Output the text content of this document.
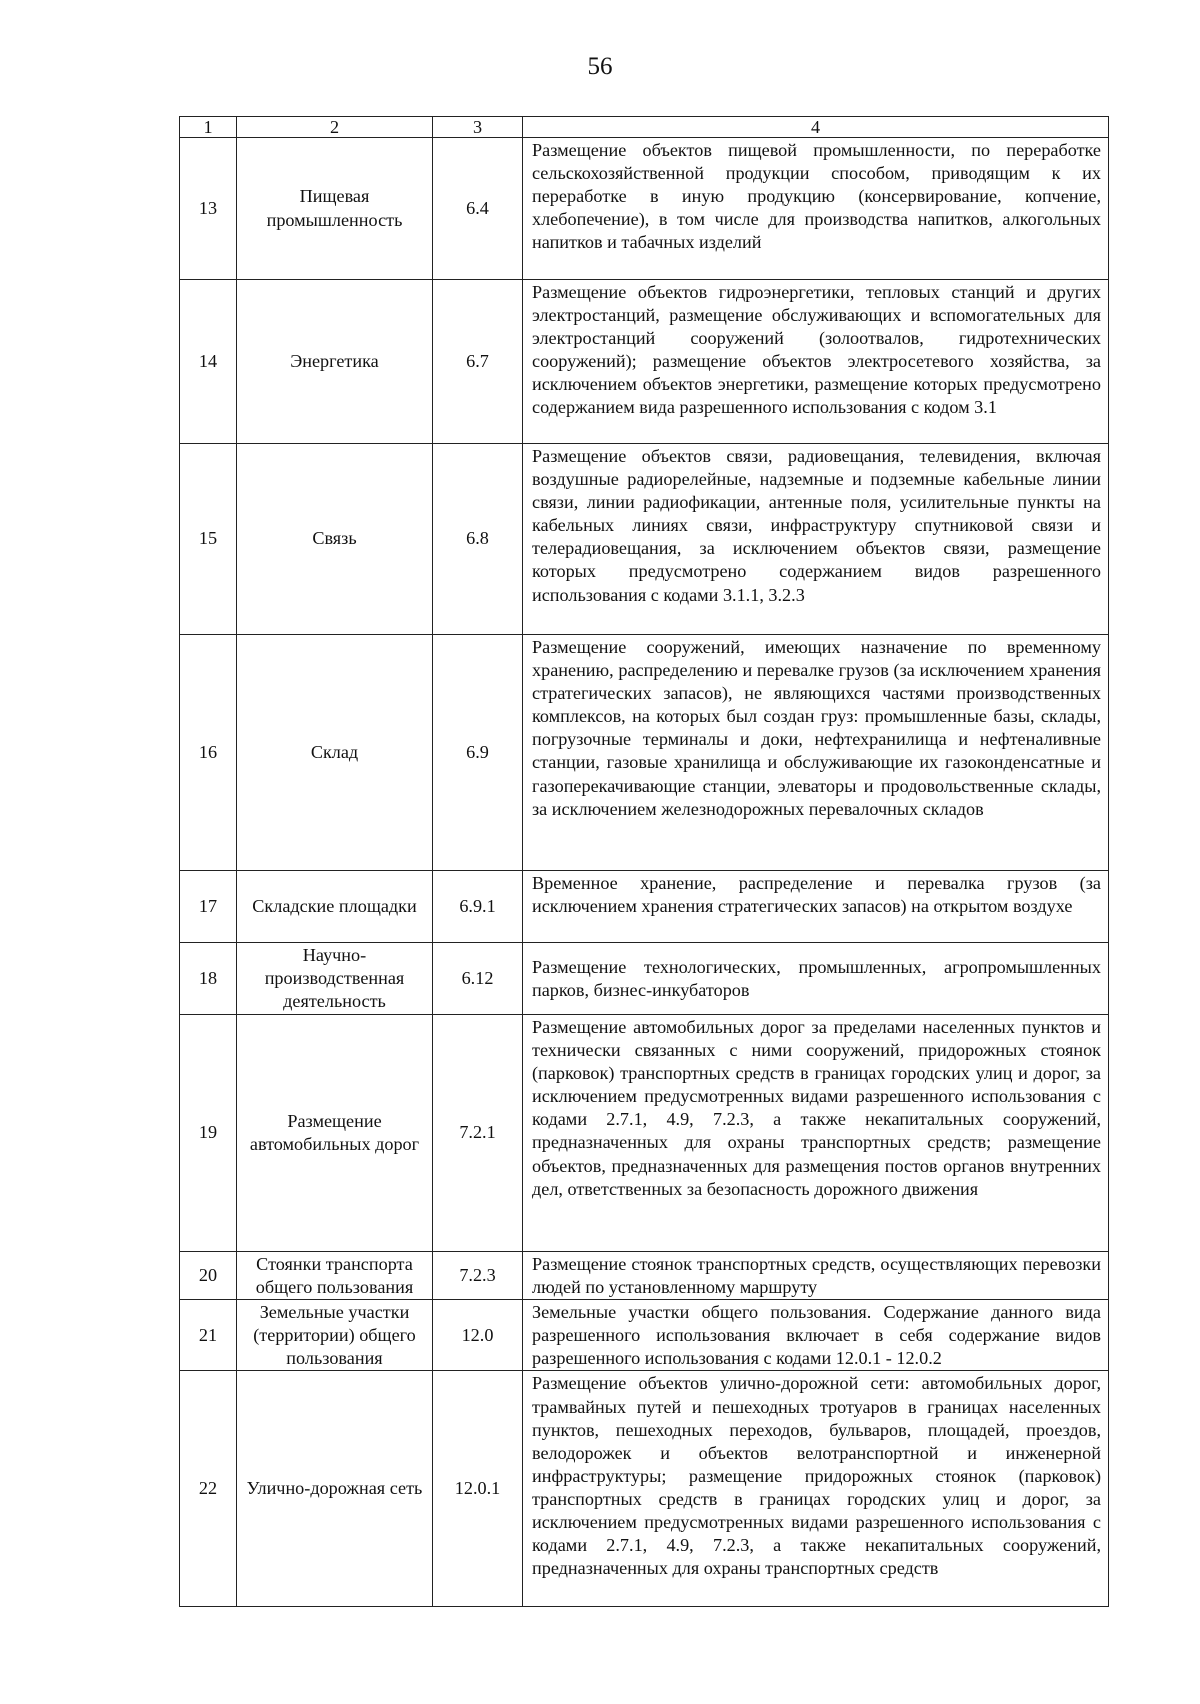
56
1	2	3	4
13	Пищевая промышленность	6.4	Размещение объектов пищевой промышленности, по переработке сельскохозяйственной продукции способом, приводящим к их переработке в иную продукцию (консервирование, копчение, хлебопечение), в том числе для производства напитков, алкогольных напитков и табачных изделий
14	Энергетика	6.7	Размещение объектов гидроэнергетики, тепловых станций и других электростанций, размещение обслуживающих и вспомогательных для электростанций сооружений (золоотвалов, гидротехнических сооружений); размещение объектов электросетевого хозяйства, за исключением объектов энергетики, размещение которых предусмотрено содержанием вида разрешенного использования с кодом 3.1
15	Связь	6.8	Размещение объектов связи, радиовещания, телевидения, включая воздушные радиорелейные, надземные и подземные кабельные линии связи, линии радиофикации, антенные поля, усилительные пункты на кабельных линиях связи, инфраструктуру спутниковой связи и телерадиовещания, за исключением объектов связи, размещение которых предусмотрено содержанием видов разрешенного использования с кодами 3.1.1, 3.2.3
16	Склад	6.9	Размещение сооружений, имеющих назначение по временному хранению, распределению и перевалке грузов (за исключением хранения стратегических запасов), не являющихся частями производственных комплексов, на которых был создан груз: промышленные базы, склады, погрузочные терминалы и доки, нефтехранилища и нефтеналивные станции, газовые хранилища и обслуживающие их газоконденсатные и газоперекачивающие станции, элеваторы и продовольственные склады, за исключением железнодорожных перевалочных складов
17	Складские площадки	6.9.1	Временное хранение, распределение и перевалка грузов (за исключением хранения стратегических запасов) на открытом воздухе
18	Научно-производственная деятельность	6.12	Размещение технологических, промышленных, агропромышленных парков, бизнес-инкубаторов
19	Размещение автомобильных дорог	7.2.1	Размещение автомобильных дорог за пределами населенных пунктов и технически связанных с ними сооружений, придорожных стоянок (парковок) транспортных средств в границах городских улиц и дорог, за исключением предусмотренных видами разрешенного использования с кодами 2.7.1, 4.9, 7.2.3, а также некапитальных сооружений, предназначенных для охраны транспортных средств; размещение объектов, предназначенных для размещения постов органов внутренних дел, ответственных за безопасность дорожного движения
20	Стоянки транспорта общего пользования	7.2.3	Размещение стоянок транспортных средств, осуществляющих перевозки людей по установленному маршруту
21	Земельные участки (территории) общего пользования	12.0	Земельные участки общего пользования. Содержание данного вида разрешенного использования включает в себя содержание видов разрешенного использования с кодами 12.0.1 - 12.0.2
22	Улично-дорожная сеть	12.0.1	Размещение объектов улично-дорожной сети: автомобильных дорог, трамвайных путей и пешеходных тротуаров в границах населенных пунктов, пешеходных переходов, бульваров, площадей, проездов, велодорожек и объектов велотранспортной и инженерной инфраструктуры; размещение придорожных стоянок (парковок) транспортных средств в границах городских улиц и дорог, за исключением предусмотренных видами разрешенного использования с кодами 2.7.1, 4.9, 7.2.3, а также некапитальных сооружений, предназначенных для охраны транспортных средств
